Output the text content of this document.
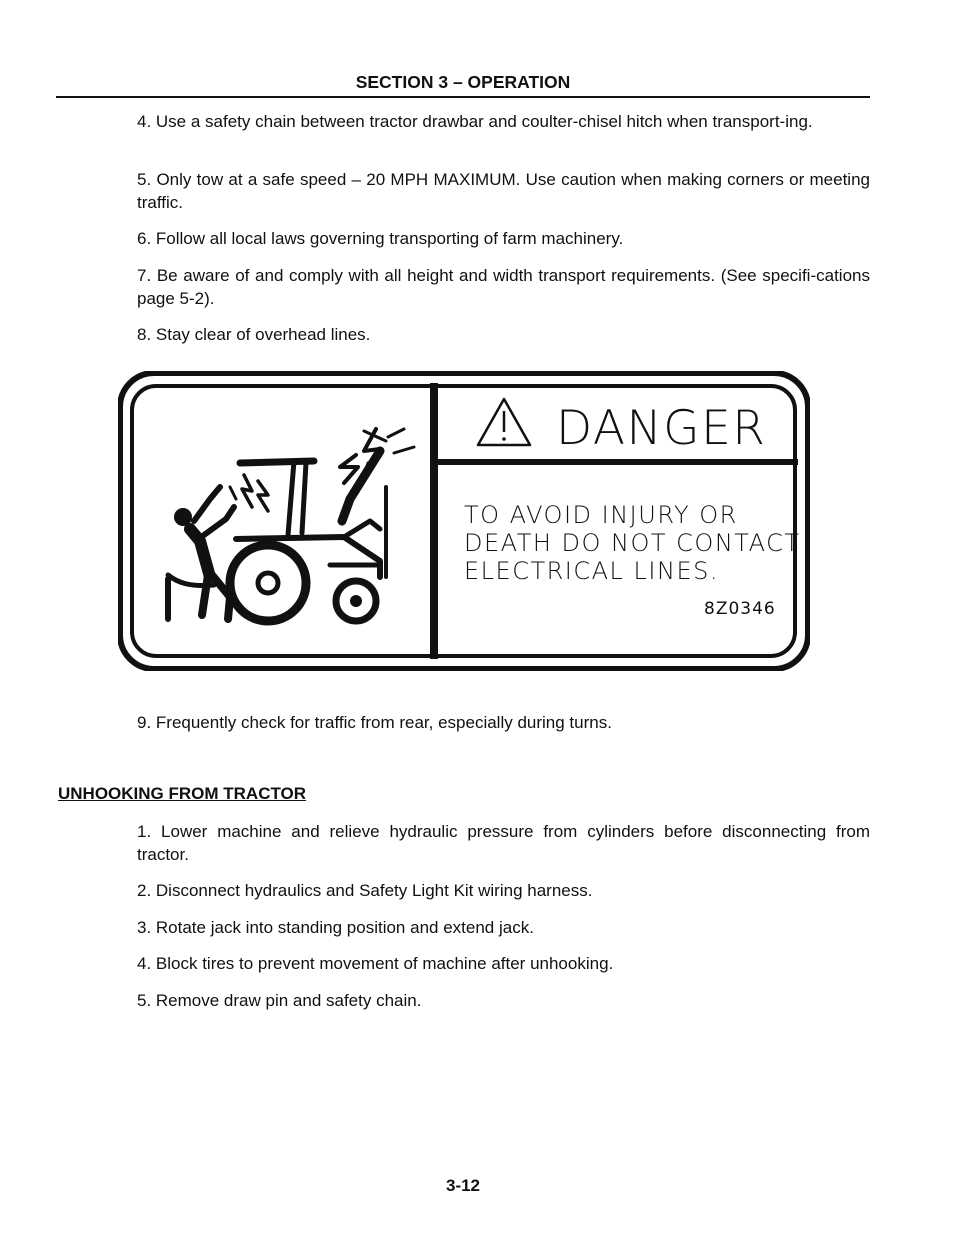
SECTION 3 – OPERATION

4. Use a safety chain between tractor drawbar and coulter-chisel hitch when transport-ing.

5. Only tow at a safe speed – 20 MPH MAXIMUM. Use caution when making corners or meeting traffic.

6. Follow all local laws governing transporting of farm machinery.

7. Be aware of and comply with all height and width transport requirements. (See specifi-cations page 5-2).

8. Stay clear of overhead lines.

DANGER
TO AVOID INJURY OR
DEATH DO NOT CONTACT
ELECTRICAL LINES.
8Z0346

9. Frequently check for traffic from rear, especially during turns.

UNHOOKING FROM TRACTOR

1. Lower machine and relieve hydraulic pressure from cylinders before disconnecting from tractor.

2. Disconnect hydraulics and Safety Light Kit wiring harness.

3. Rotate jack into standing position and extend jack.

4. Block tires to prevent movement of machine after unhooking.

5. Remove draw pin and safety chain.

3-12
